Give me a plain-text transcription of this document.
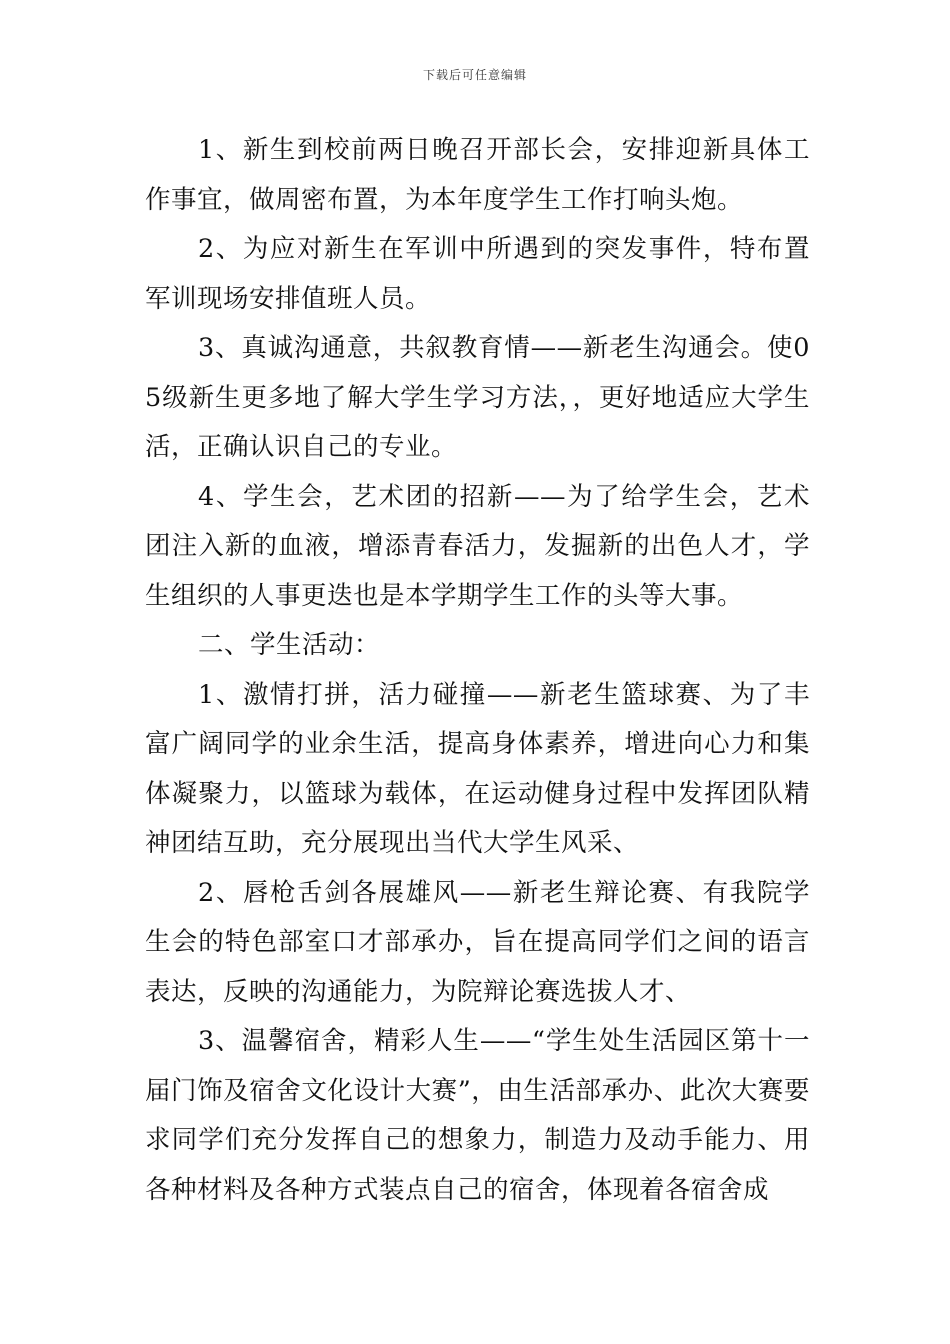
下载后可任意编辑

1、新生到校前两日晚召开部长会，安排迎新具体工作事宜，做周密布置，为本年度学生工作打响头炮。

2、为应对新生在军训中所遇到的突发事件，特布置军训现场安排值班人员。

3、真诚沟通意，共叙教育情——新老生沟通会。使05级新生更多地了解大学生学习方法，，更好地适应大学生活，正确认识自己的专业。

4、学生会，艺术团的招新——为了给学生会，艺术团注入新的血液，增添青春活力，发掘新的出色人才，学生组织的人事更迭也是本学期学生工作的头等大事。

二、学生活动：

1、激情打拼，活力碰撞——新老生篮球赛、为了丰富广阔同学的业余生活，提高身体素养，增进向心力和集体凝聚力，以篮球为载体，在运动健身过程中发挥团队精神团结互助，充分展现出当代大学生风采、

2、唇枪舌剑各展雄风——新老生辩论赛、有我院学生会的特色部室口才部承办，旨在提高同学们之间的语言表达，反映的沟通能力，为院辩论赛选拔人才、

3、温馨宿舍，精彩人生——“学生处生活园区第十一届门饰及宿舍文化设计大赛”，由生活部承办、此次大赛要求同学们充分发挥自己的想象力，制造力及动手能力、用各种材料及各种方式装点自己的宿舍，体现着各宿舍成
